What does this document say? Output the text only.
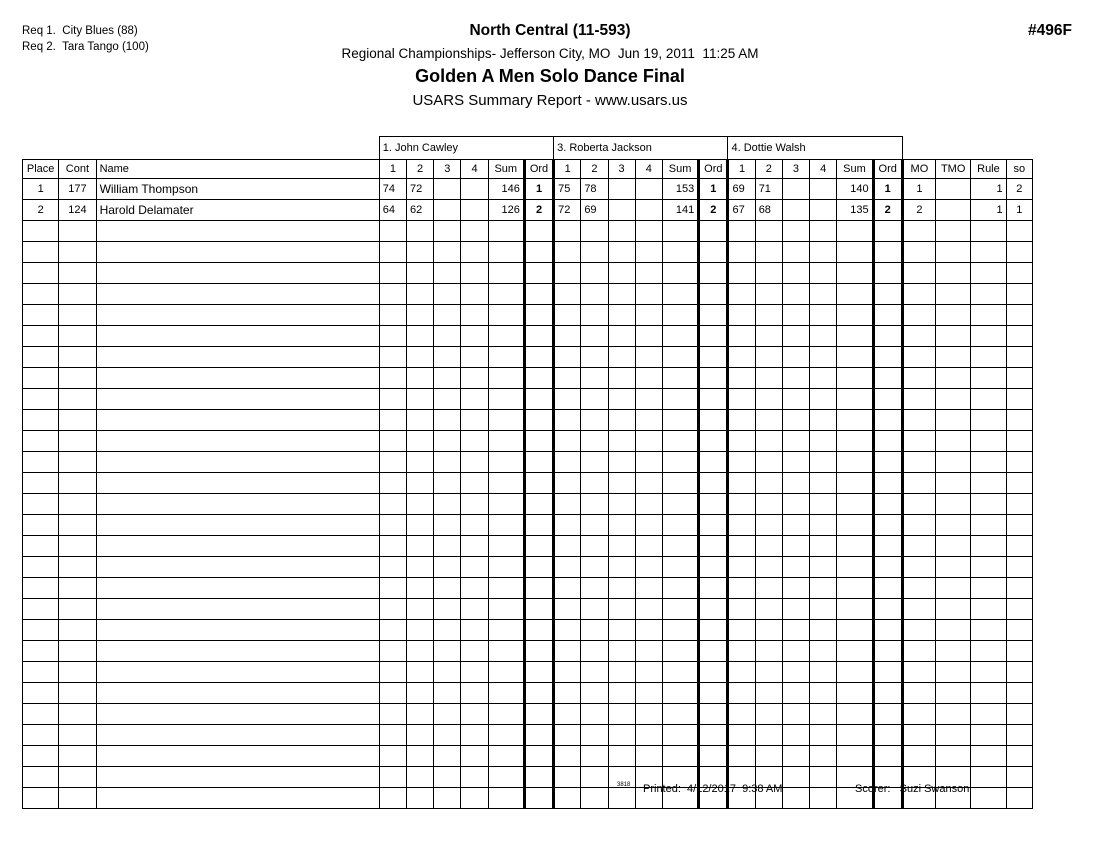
Req 1.  City Blues (88)
Req 2.  Tara Tango (100)
North Central (11-593)
Regional Championships- Jefferson City, MO  Jun 19, 2011  11:25 AM
Golden A Men Solo Dance Final
USARS Summary Report - www.usars.us
#496F
			1. John Cawley						3. Roberta Jackson						4. Dottie Walsh									
Place	Cont	Name	1	2	3	4	Sum	Ord	1	2	3	4	Sum	Ord	1	2	3	4	Sum	Ord	MO	TMO	Rule	so
1	177	William Thompson	74	72			146	1	75	78			153	1	69	71			140	1	1		1	2
2	124	Harold Delamater	64	62			126	2	72	69			141	2	67	68			135	2	2		1	1

3818 Printed:  4/12/2017  9:38 AM	Scorer:   Suzi Swanson
